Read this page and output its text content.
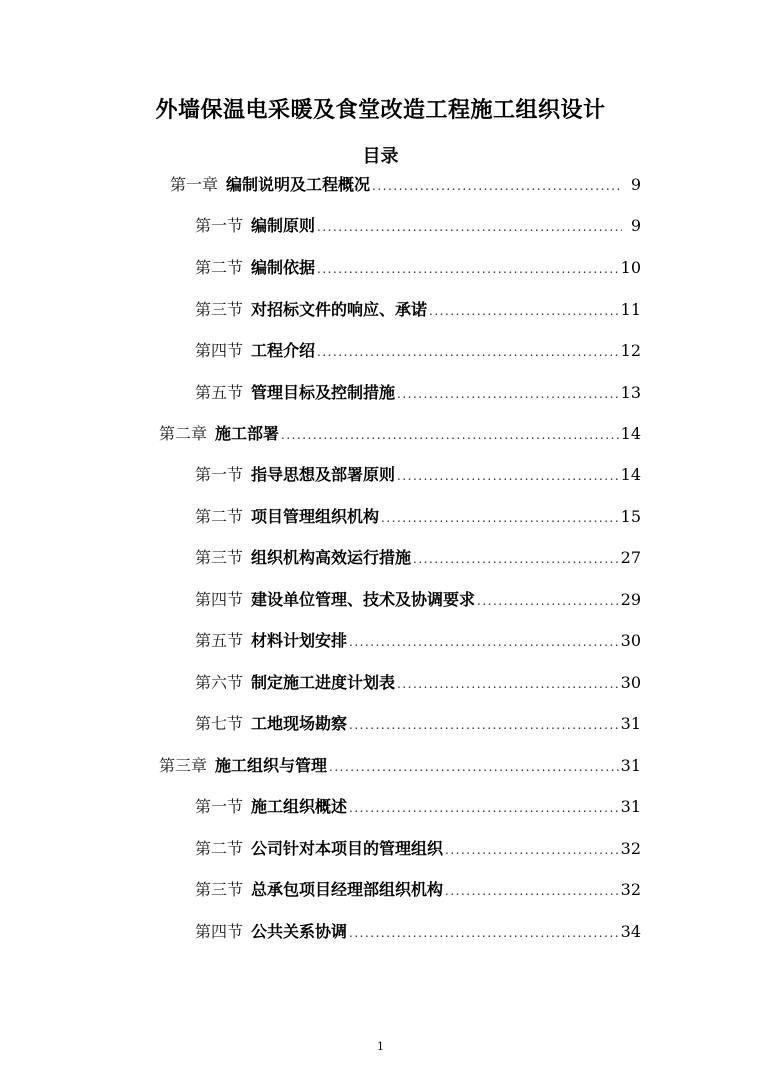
外墙保温电采暖及食堂改造工程施工组织设计
目录
第一章 编制说明及工程概况 .....	9
第一节 编制原则 .....	9
第二节 编制依据 .....	10
第三节 对招标文件的响应、承诺 .....	11
第四节 工程介绍 .....	12
第五节 管理目标及控制措施 .....	13
第二章 施工部署 .....	14
第一节 指导思想及部署原则 .....	14
第二节 项目管理组织机构 .....	15
第三节 组织机构高效运行措施 .....	27
第四节 建设单位管理、技术及协调要求 .....	29
第五节 材料计划安排 .....	30
第六节 制定施工进度计划表 .....	30
第七节 工地现场勘察 .....	31
第三章 施工组织与管理 .....	31
第一节 施工组织概述 .....	31
第二节 公司针对本项目的管理组织 .....	32
第三节 总承包项目经理部组织机构 .....	32
第四节 公共关系协调 .....	34
1
